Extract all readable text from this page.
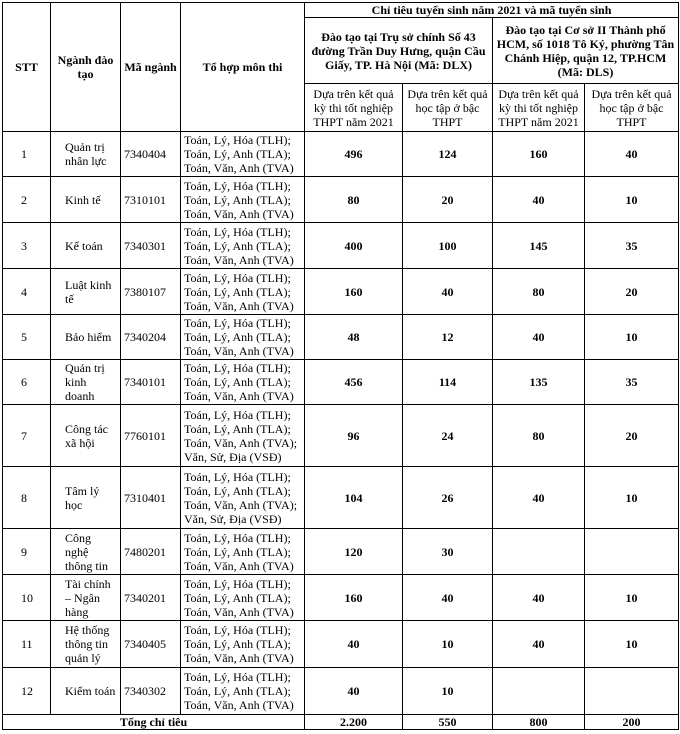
STT	Ngành đào tạo	Mã ngành	Tổ hợp môn thi	Chỉ tiêu tuyển sinh năm 2021 và mã tuyển sinh			
				Đào tạo tại Trụ sở chính Số 43 đường Trần Duy Hưng, quận Cầu Giấy, TP. Hà Nội (Mã: DLX)		Đào tạo tại Cơ sở II Thành phố HCM, số 1018 Tô Ký, phường Tân Chánh Hiệp, quận 12, TP.HCM (Mã: DLS)	
				Dựa trên kết quả kỳ thi tốt nghiệp THPT năm 2021	Dựa trên kết quả học tập ở bậc THPT	Dựa trên kết quả kỳ thi tốt nghiệp THPT năm 2021	Dựa trên kết quả học tập ở bậc THPT
1	Quản trị nhân lực	7340404	Toán, Lý, Hóa (TLH);
Toán, Lý, Anh (TLA);
Toán, Văn, Anh (TVA)	496	124	160	40
2	Kinh tế	7310101	Toán, Lý, Hóa (TLH);
Toán, Lý, Anh (TLA);
Toán, Văn, Anh (TVA)	80	20	40	10
3	Kế toán	7340301	Toán, Lý, Hóa (TLH);
Toán, Lý, Anh (TLA);
Toán, Văn, Anh (TVA)	400	100	145	35
4	Luật kinh tế	7380107	Toán, Lý, Hóa (TLH);
Toán, Lý, Anh (TLA);
Toán, Văn, Anh (TVA)	160	40	80	20
5	Bảo hiểm	7340204	Toán, Lý, Hóa (TLH);
Toán, Lý, Anh (TLA);
Toán, Văn, Anh (TVA)	48	12	40	10
6	Quản trị kinh doanh	7340101	Toán, Lý, Hóa (TLH);
Toán, Lý, Anh (TLA);
Toán, Văn, Anh (TVA)	456	114	135	35
7	Công tác xã hội	7760101	Toán, Lý, Hóa (TLH);
Toán, Lý, Anh (TLA);
Toán, Văn, Anh (TVA);
Văn, Sử, Địa (VSĐ)	96	24	80	20
8	Tâm lý học	7310401	Toán, Lý, Hóa (TLH);
Toán, Lý, Anh (TLA);
Toán, Văn, Anh (TVA);
Văn, Sử, Địa (VSĐ)	104	26	40	10
9	Công nghệ thông tin	7480201	Toán, Lý, Hóa (TLH);
Toán, Lý, Anh (TLA);
Toán, Văn, Anh (TVA)	120	30		
10	Tài chính – Ngân hàng	7340201	Toán, Lý, Hóa (TLH);
Toán, Lý, Anh (TLA);
Toán, Văn, Anh (TVA)	160	40	40	10
11	Hệ thống thông tin quản lý	7340405	Toán, Lý, Hóa (TLH);
Toán, Lý, Anh (TLA);
Toán, Văn, Anh (TVA)	40	10	40	10
12	Kiểm toán	7340302	Toán, Lý, Hóa (TLH);
Toán, Lý, Anh (TLA);
Toán, Văn, Anh (TVA)	40	10		
Tổng chỉ tiêu				2.200	550	800	200
